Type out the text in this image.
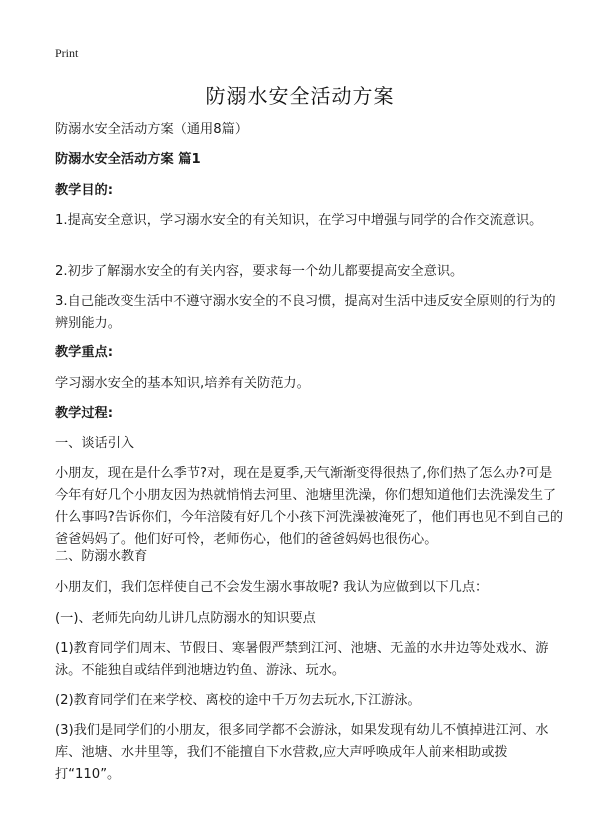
Print
防溺水安全活动方案

防溺水安全活动方案（通用8篇）

防溺水安全活动方案 篇1

教学目的:

1.提高安全意识，学习溺水安全的有关知识，在学习中增强与同学的合作交流意识。

2.初步了解溺水安全的有关内容，要求每一个幼儿都要提高安全意识。

3.自己能改变生活中不遵守溺水安全的不良习惯，提高对生活中违反安全原则的行为的辨别能力。

教学重点:

学习溺水安全的基本知识,培养有关防范力。

教学过程:

一、谈话引入

小朋友，现在是什么季节?对，现在是夏季,天气渐渐变得很热了,你们热了怎么办?可是今年有好几个小朋友因为热就悄悄去河里、池塘里洗澡，你们想知道他们去洗澡发生了什么事吗?告诉你们，今年涪陵有好几个小孩下河洗澡被淹死了，他们再也见不到自己的爸爸妈妈了。他们好可怜，老师伤心，他们的爸爸妈妈也很伤心。

二、防溺水教育

小朋友们，我们怎样使自己不会发生溺水事故呢? 我认为应做到以下几点：

(一)、老师先向幼儿讲几点防溺水的知识要点

(1)教育同学们周末、节假日、寒暑假严禁到江河、池塘、无盖的水井边等处戏水、游泳。不能独自或结伴到池塘边钓鱼、游泳、玩水。

(2)教育同学们在来学校、离校的途中千万勿去玩水,下江游泳。

(3)我们是同学们的小朋友，很多同学都不会游泳，如果发现有幼儿不慎掉进江河、水库、池塘、水井里等，我们不能擅自下水营救,应大声呼唤成年人前来相助或拨打“110”。
